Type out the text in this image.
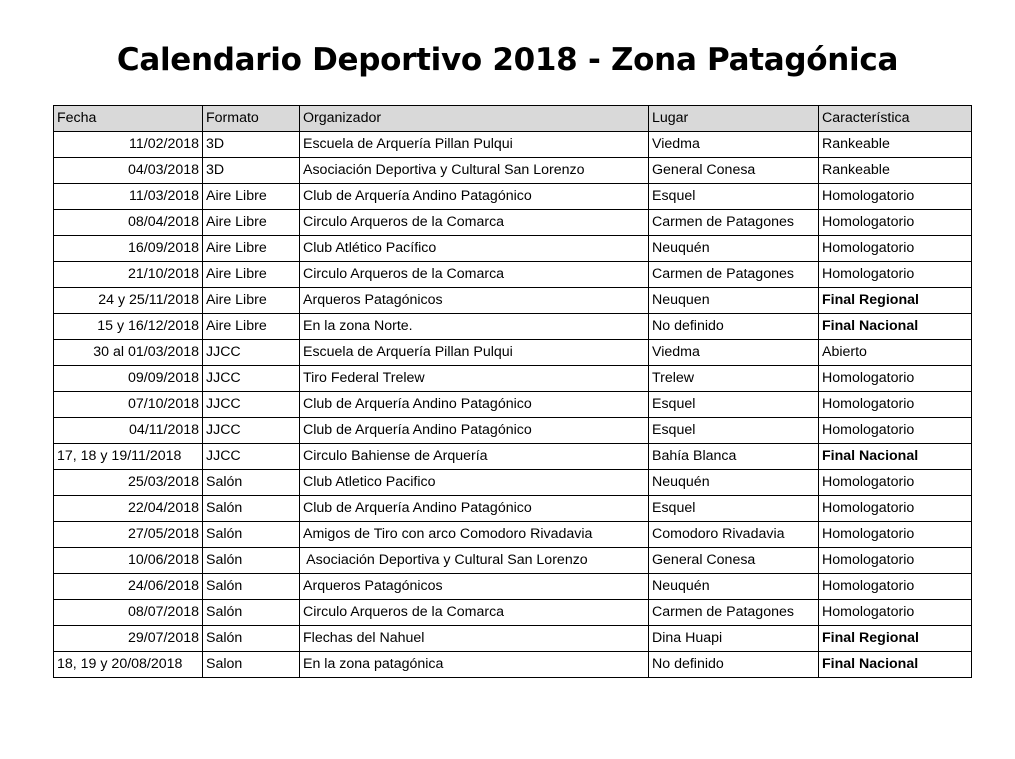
Calendario Deportivo 2018 - Zona Patagónica
Fecha	Formato	Organizador	Lugar	Característica
11/02/2018	3D	Escuela de Arquería Pillan Pulqui	Viedma	Rankeable
04/03/2018	3D	Asociación Deportiva y Cultural San Lorenzo	General Conesa	Rankeable
11/03/2018	Aire Libre	Club de Arquería Andino Patagónico	Esquel	Homologatorio
08/04/2018	Aire Libre	Circulo Arqueros de la Comarca	Carmen de Patagones	Homologatorio
16/09/2018	Aire Libre	Club Atlético Pacífico	Neuquén	Homologatorio
21/10/2018	Aire Libre	Circulo Arqueros de la Comarca	Carmen de Patagones	Homologatorio
24 y 25/11/2018	Aire Libre	Arqueros Patagónicos	Neuquen	Final Regional
15 y 16/12/2018	Aire Libre	En la zona Norte.	No definido	Final Nacional
30 al 01/03/2018	JJCC	Escuela de Arquería Pillan Pulqui	Viedma	Abierto
09/09/2018	JJCC	Tiro Federal Trelew	Trelew	Homologatorio
07/10/2018	JJCC	Club de Arquería Andino Patagónico	Esquel	Homologatorio
04/11/2018	JJCC	Club de Arquería Andino Patagónico	Esquel	Homologatorio
17, 18 y 19/11/2018	JJCC	Circulo Bahiense de Arquería	Bahía Blanca	Final Nacional
25/03/2018	Salón	Club Atletico Pacifico	Neuquén	Homologatorio
22/04/2018	Salón	Club de Arquería Andino Patagónico	Esquel	Homologatorio
27/05/2018	Salón	Amigos de Tiro con arco Comodoro Rivadavia	Comodoro Rivadavia	Homologatorio
10/06/2018	Salón	Asociación Deportiva y Cultural San Lorenzo	General Conesa	Homologatorio
24/06/2018	Salón	Arqueros Patagónicos	Neuquén	Homologatorio
08/07/2018	Salón	Circulo Arqueros de la Comarca	Carmen de Patagones	Homologatorio
29/07/2018	Salón	Flechas del Nahuel	Dina Huapi	Final Regional
18, 19 y 20/08/2018	Salon	En la zona patagónica	No definido	Final Nacional
